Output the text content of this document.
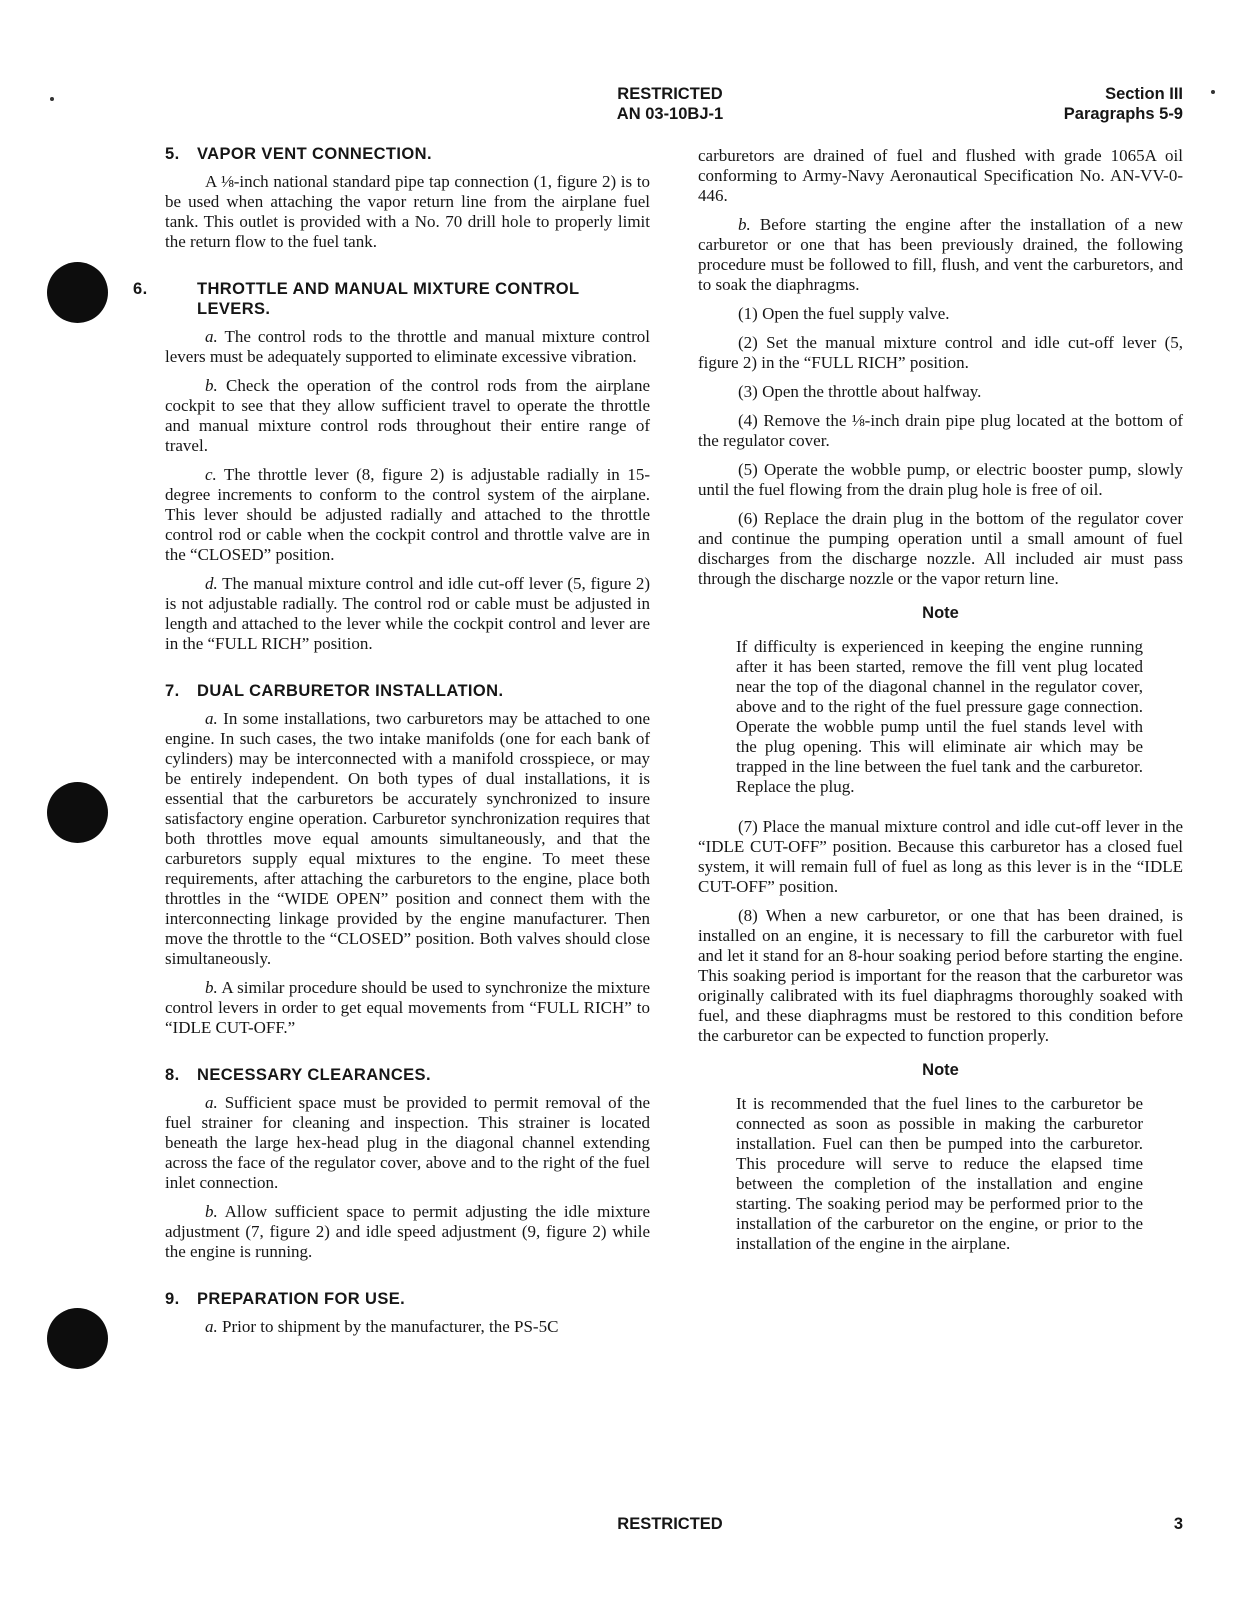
RESTRICTED
AN 03-10BJ-1
Section III
Paragraphs 5-9
5. VAPOR VENT CONNECTION.
A ⅛-inch national standard pipe tap connection (1, figure 2) is to be used when attaching the vapor return line from the airplane fuel tank. This outlet is provided with a No. 70 drill hole to properly limit the return flow to the fuel tank.
6.	THROTTLE AND MANUAL MIXTURE CONTROL LEVERS.
a. The control rods to the throttle and manual mixture control levers must be adequately supported to eliminate excessive vibration.
b. Check the operation of the control rods from the airplane cockpit to see that they allow sufficient travel to operate the throttle and manual mixture control rods throughout their entire range of travel.
c. The throttle lever (8, figure 2) is adjustable radially in 15-degree increments to conform to the control system of the airplane. This lever should be adjusted radially and attached to the throttle control rod or cable when the cockpit control and throttle valve are in the “CLOSED” position.
d. The manual mixture control and idle cut-off lever (5, figure 2) is not adjustable radially. The control rod or cable must be adjusted in length and attached to the lever while the cockpit control and lever are in the “FULL RICH” position.
7. DUAL CARBURETOR INSTALLATION.
a. In some installations, two carburetors may be attached to one engine. In such cases, the two intake manifolds (one for each bank of cylinders) may be interconnected with a manifold crosspiece, or may be entirely independent. On both types of dual installations, it is essential that the carburetors be accurately synchronized to insure satisfactory engine operation. Carburetor synchronization requires that both throttles move equal amounts simultaneously, and that the carburetors supply equal mixtures to the engine. To meet these requirements, after attaching the carburetors to the engine, place both throttles in the “WIDE OPEN” position and connect them with the interconnecting linkage provided by the engine manufacturer. Then move the throttle to the “CLOSED” position. Both valves should close simultaneously.
b. A similar procedure should be used to synchronize the mixture control levers in order to get equal movements from “FULL RICH” to “IDLE CUT-OFF.”
8. NECESSARY CLEARANCES.
a. Sufficient space must be provided to permit removal of the fuel strainer for cleaning and inspection. This strainer is located beneath the large hex-head plug in the diagonal channel extending across the face of the regulator cover, above and to the right of the fuel inlet connection.
b. Allow sufficient space to permit adjusting the idle mixture adjustment (7, figure 2) and idle speed adjustment (9, figure 2) while the engine is running.
9. PREPARATION FOR USE.
a. Prior to shipment by the manufacturer, the PS-5C
carburetors are drained of fuel and flushed with grade 1065A oil conforming to Army-Navy Aeronautical Specification No. AN-VV-0-446.
b. Before starting the engine after the installation of a new carburetor or one that has been previously drained, the following procedure must be followed to fill, flush, and vent the carburetors, and to soak the diaphragms.
(1) Open the fuel supply valve.
(2) Set the manual mixture control and idle cut-off lever (5, figure 2) in the “FULL RICH” position.
(3) Open the throttle about halfway.
(4) Remove the ⅛-inch drain pipe plug located at the bottom of the regulator cover.
(5) Operate the wobble pump, or electric booster pump, slowly until the fuel flowing from the drain plug hole is free of oil.
(6) Replace the drain plug in the bottom of the regulator cover and continue the pumping operation until a small amount of fuel discharges from the discharge nozzle. All included air must pass through the discharge nozzle or the vapor return line.
Note
If difficulty is experienced in keeping the engine running after it has been started, remove the fill vent plug located near the top of the diagonal channel in the regulator cover, above and to the right of the fuel pressure gage connection. Operate the wobble pump until the fuel stands level with the plug opening. This will eliminate air which may be trapped in the line between the fuel tank and the carburetor. Replace the plug.
(7) Place the manual mixture control and idle cut-off lever in the “IDLE CUT-OFF” position. Because this carburetor has a closed fuel system, it will remain full of fuel as long as this lever is in the “IDLE CUT-OFF” position.
(8) When a new carburetor, or one that has been drained, is installed on an engine, it is necessary to fill the carburetor with fuel and let it stand for an 8-hour soaking period before starting the engine. This soaking period is important for the reason that the carburetor was originally calibrated with its fuel diaphragms thoroughly soaked with fuel, and these diaphragms must be restored to this condition before the carburetor can be expected to function properly.
Note
It is recommended that the fuel lines to the carburetor be connected as soon as possible in making the carburetor installation. Fuel can then be pumped into the carburetor. This procedure will serve to reduce the elapsed time between the completion of the installation and engine starting. The soaking period may be performed prior to the installation of the carburetor on the engine, or prior to the installation of the engine in the airplane.
RESTRICTED	3
